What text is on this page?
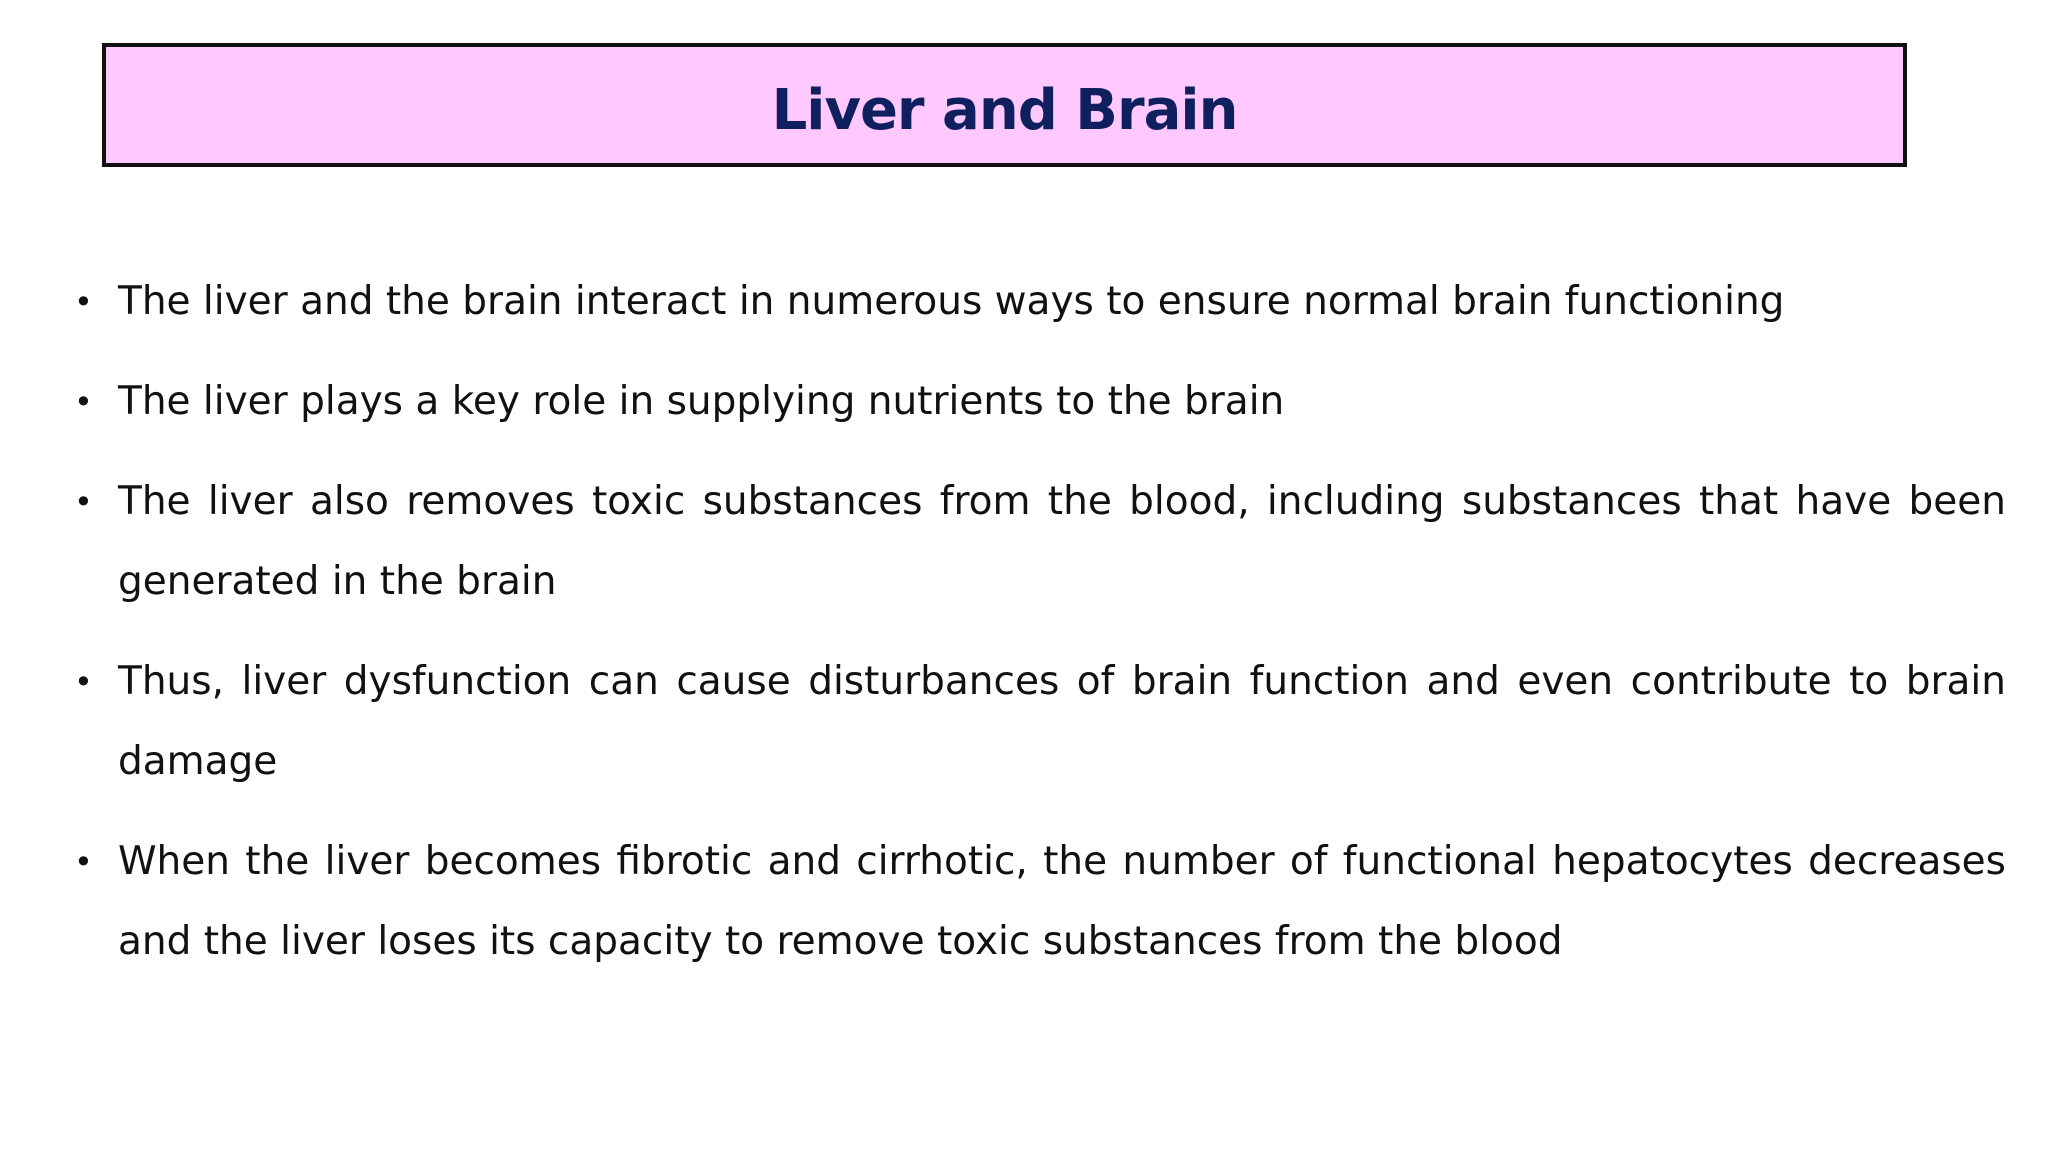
Liver and Brain
• The liver and the brain interact in numerous ways to ensure normal brain functioning
• The liver plays a key role in supplying nutrients to the brain
• The liver also removes toxic substances from the blood, including substances that have been generated in the brain
• Thus, liver dysfunction can cause disturbances of brain function and even contribute to brain damage
• When the liver becomes fibrotic and cirrhotic, the number of functional hepatocytes decreases and the liver loses its capacity to remove toxic substances from the blood
